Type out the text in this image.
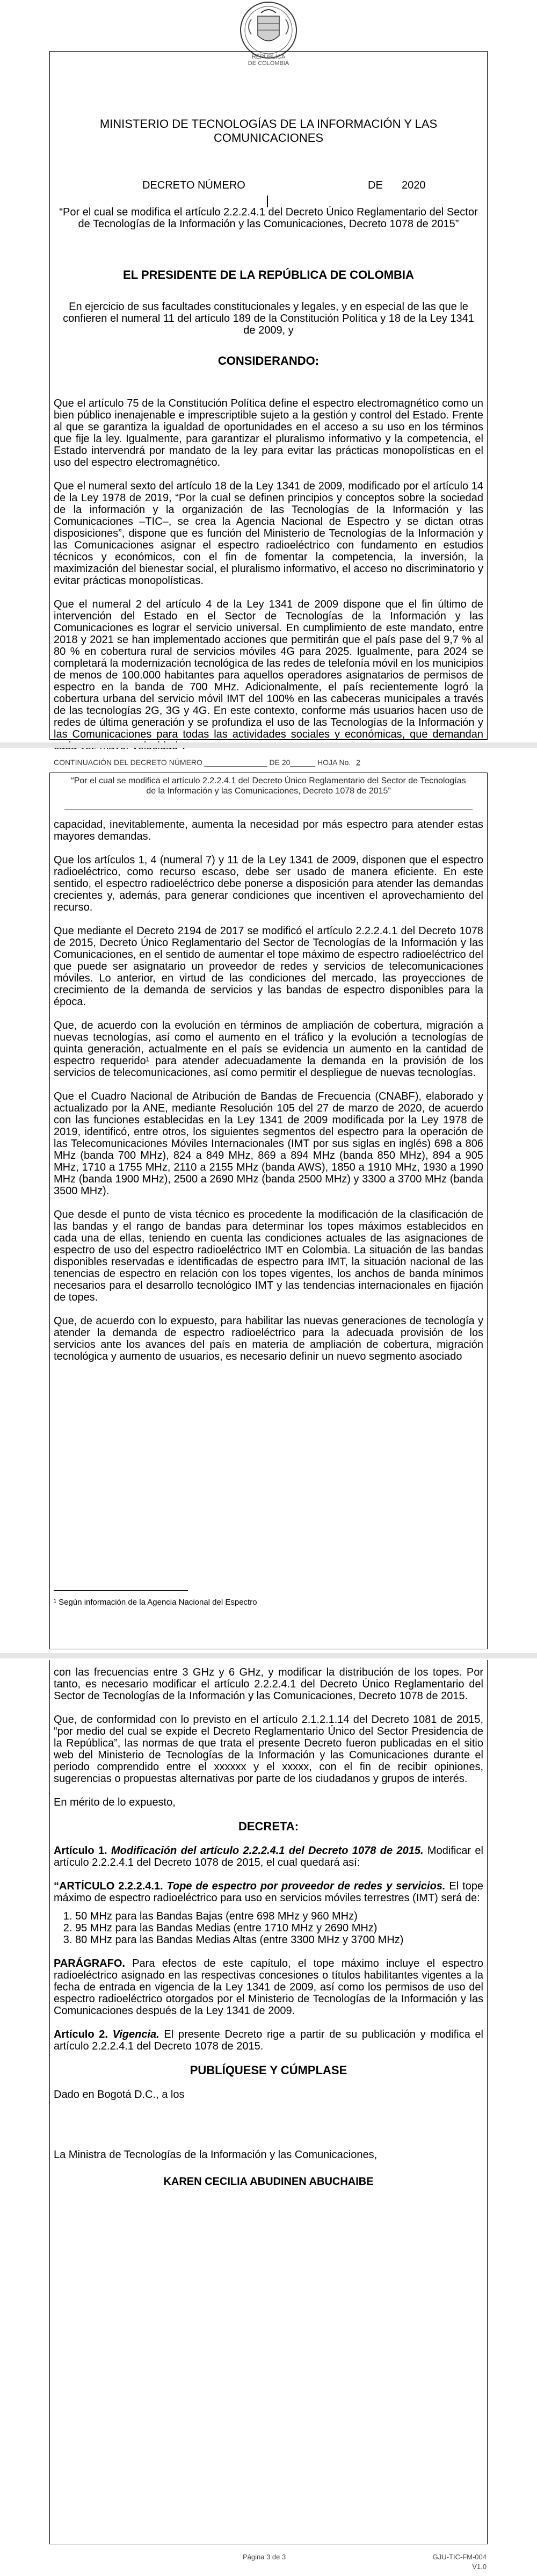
REPÚBLICA
DE COLOMBIA
MINISTERIO DE TECNOLOGÍAS DE LA INFORMACIÓN Y LAS COMUNICACIONES
DECRETO NÚMERO	DE 2020
“Por el cual se modifica el artículo 2.2.2.4.1 del Decreto Único Reglamentario del Sector de Tecnologías de la Información y las Comunicaciones, Decreto 1078 de 2015”
EL PRESIDENTE DE LA REPÚBLICA DE COLOMBIA
En ejercicio de sus facultades constitucionales y legales, y en especial de las que le confieren el numeral 11 del artículo 189 de la Constitución Política y 18 de la Ley 1341 de 2009, y
CONSIDERANDO:

Que el artículo 75 de la Constitución Política define el espectro electromagnético como un bien público inenajenable e imprescriptible sujeto a la gestión y control del Estado. Frente al que se garantiza la igualdad de oportunidades en el acceso a su uso en los términos que fije la ley. Igualmente, para garantizar el pluralismo informativo y la competencia, el Estado intervendrá por mandato de la ley para evitar las prácticas monopolísticas en el uso del espectro electromagnético.

Que el numeral sexto del artículo 18 de la Ley 1341 de 2009, modificado por el artículo 14 de la Ley 1978 de 2019, “Por la cual se definen principios y conceptos sobre la sociedad de la información y la organización de las Tecnologías de la Información y las Comunicaciones –TIC–, se crea la Agencia Nacional de Espectro y se dictan otras disposiciones”, dispone que es función del Ministerio de Tecnologías de la Información y las Comunicaciones asignar el espectro radioeléctrico con fundamento en estudios técnicos y económicos, con el fin de fomentar la competencia, la inversión, la maximización del bienestar social, el pluralismo informativo, el acceso no discriminatorio y evitar prácticas monopolísticas.

Que el numeral 2 del artículo 4 de la Ley 1341 de 2009 dispone que el fin último de intervención del Estado en el Sector de Tecnologías de la Información y las Comunicaciones es lograr el servicio universal. En cumplimiento de este mandato, entre 2018 y 2021 se han implementado acciones que permitirán que el país pase del 9,7 % al 80 % en cobertura rural de servicios móviles 4G para 2025. Igualmente, para 2024 se completará la modernización tecnológica de las redes de telefonía móvil en los municipios de menos de 100.000 habitantes para aquellos operadores asignatarios de permisos de espectro en la banda de 700 MHz. Adicionalmente, el país recientemente logró la cobertura urbana del servicio móvil IMT del 100% en las cabeceras municipales a través de las tecnologías 2G, 3G y 4G. En este contexto, conforme más usuarios hacen uso de redes de última generación y se profundiza el uso de las Tecnologías de la Información y las Comunicaciones para todas las actividades sociales y económicas, que demandan

CONTINUACIÓN DEL DECRETO NÚMERO _______________ DE 20______ HOJA No. 2
“Por el cual se modifica el artículo 2.2.2.4.1 del Decreto Único Reglamentario del Sector de Tecnologías de la Información y las Comunicaciones, Decreto 1078 de 2015”

capacidad, inevitablemente, aumenta la necesidad por más espectro para atender estas mayores demandas.

Que los artículos 1, 4 (numeral 7) y 11 de la Ley 1341 de 2009, disponen que el espectro radioeléctrico, como recurso escaso, debe ser usado de manera eficiente. En este sentido, el espectro radioeléctrico debe ponerse a disposición para atender las demandas crecientes y, además, para generar condiciones que incentiven el aprovechamiento del recurso.

Que mediante el Decreto 2194 de 2017 se modificó el artículo 2.2.2.4.1 del Decreto 1078 de 2015, Decreto Único Reglamentario del Sector de Tecnologías de la Información y las Comunicaciones, en el sentido de aumentar el tope máximo de espectro radioeléctrico del que puede ser asignatario un proveedor de redes y servicios de telecomunicaciones móviles. Lo anterior, en virtud de las condiciones del mercado, las proyecciones de crecimiento de la demanda de servicios y las bandas de espectro disponibles para la época.

Que, de acuerdo con la evolución en términos de ampliación de cobertura, migración a nuevas tecnologías, así como el aumento en el tráfico y la evolución a tecnologías de quinta generación, actualmente en el país se evidencia un aumento en la cantidad de espectro requerido¹ para atender adecuadamente la demanda en la provisión de los servicios de telecomunicaciones, así como permitir el despliegue de nuevas tecnologías.

Que el Cuadro Nacional de Atribución de Bandas de Frecuencia (CNABF), elaborado y actualizado por la ANE, mediante Resolución 105 del 27 de marzo de 2020, de acuerdo con las funciones establecidas en la Ley 1341 de 2009 modificada por la Ley 1978 de 2019, identificó, entre otros, los siguientes segmentos del espectro para la operación de las Telecomunicaciones Móviles Internacionales (IMT por sus siglas en inglés) 698 a 806 MHz (banda 700 MHz), 824 a 849 MHz, 869 a 894 MHz (banda 850 MHz), 894 a 905 MHz, 1710 a 1755 MHz, 2110 a 2155 MHz (banda AWS), 1850 a 1910 MHz, 1930 a 1990 MHz (banda 1900 MHz), 2500 a 2690 MHz (banda 2500 MHz) y 3300 a 3700 MHz (banda 3500 MHz).

Que desde el punto de vista técnico es procedente la modificación de la clasificación de las bandas y el rango de bandas para determinar los topes máximos establecidos en cada una de ellas, teniendo en cuenta las condiciones actuales de las asignaciones de espectro de uso del espectro radioeléctrico IMT en Colombia. La situación de las bandas disponibles reservadas e identificadas de espectro para IMT, la situación nacional de las tenencias de espectro en relación con los topes vigentes, los anchos de banda mínimos necesarios para el desarrollo tecnológico IMT y las tendencias internacionales en fijación de topes.

Que, de acuerdo con lo expuesto, para habilitar las nuevas generaciones de tecnología y atender la demanda de espectro radioeléctrico para la adecuada provisión de los servicios ante los avances del país en materia de ampliación de cobertura, migración tecnológica y aumento de usuarios, es necesario definir un nuevo segmento asociado

¹ Según información de la Agencia Nacional del Espectro

con las frecuencias entre 3 GHz y 6 GHz, y modificar la distribución de los topes. Por tanto, es necesario modificar el artículo 2.2.2.4.1 del Decreto Único Reglamentario del Sector de Tecnologías de la Información y las Comunicaciones, Decreto 1078 de 2015.

Que, de conformidad con lo previsto en el artículo 2.1.2.1.14 del Decreto 1081 de 2015, “por medio del cual se expide el Decreto Reglamentario Único del Sector Presidencia de la República”, las normas de que trata el presente Decreto fueron publicadas en el sitio web del Ministerio de Tecnologías de la Información y las Comunicaciones durante el periodo comprendido entre el xxxxxx y el xxxxx, con el fin de recibir opiniones, sugerencias o propuestas alternativas por parte de los ciudadanos y grupos de interés.

En mérito de lo expuesto,

DECRETA:

Artículo 1. Modificación del artículo 2.2.2.4.1 del Decreto 1078 de 2015. Modificar el artículo 2.2.2.4.1 del Decreto 1078 de 2015, el cual quedará así:

“ARTÍCULO 2.2.2.4.1. Tope de espectro por proveedor de redes y servicios. El tope máximo de espectro radioeléctrico para uso en servicios móviles terrestres (IMT) será de:

1. 50 MHz para las Bandas Bajas (entre 698 MHz y 960 MHz)
2. 95 MHz para las Bandas Medias (entre 1710 MHz y 2690 MHz)
3. 80 MHz para las Bandas Medias Altas (entre 3300 MHz y 3700 MHz)

PARÁGRAFO. Para efectos de este capítulo, el tope máximo incluye el espectro radioeléctrico asignado en las respectivas concesiones o títulos habilitantes vigentes a la fecha de entrada en vigencia de la Ley 1341 de 2009, así como los permisos de uso del espectro radioeléctrico otorgados por el Ministerio de Tecnologías de la Información y las Comunicaciones después de la Ley 1341 de 2009.

Artículo 2. Vigencia. El presente Decreto rige a partir de su publicación y modifica el artículo 2.2.2.4.1 del Decreto 1078 de 2015.

PUBLÍQUESE Y CÚMPLASE

Dado en Bogotá D.C., a los

La Ministra de Tecnologías de la Información y las Comunicaciones,

KAREN CECILIA ABUDINEN ABUCHAIBE

Página 3 de 3	GJU-TIC-FM-004
V1.0
